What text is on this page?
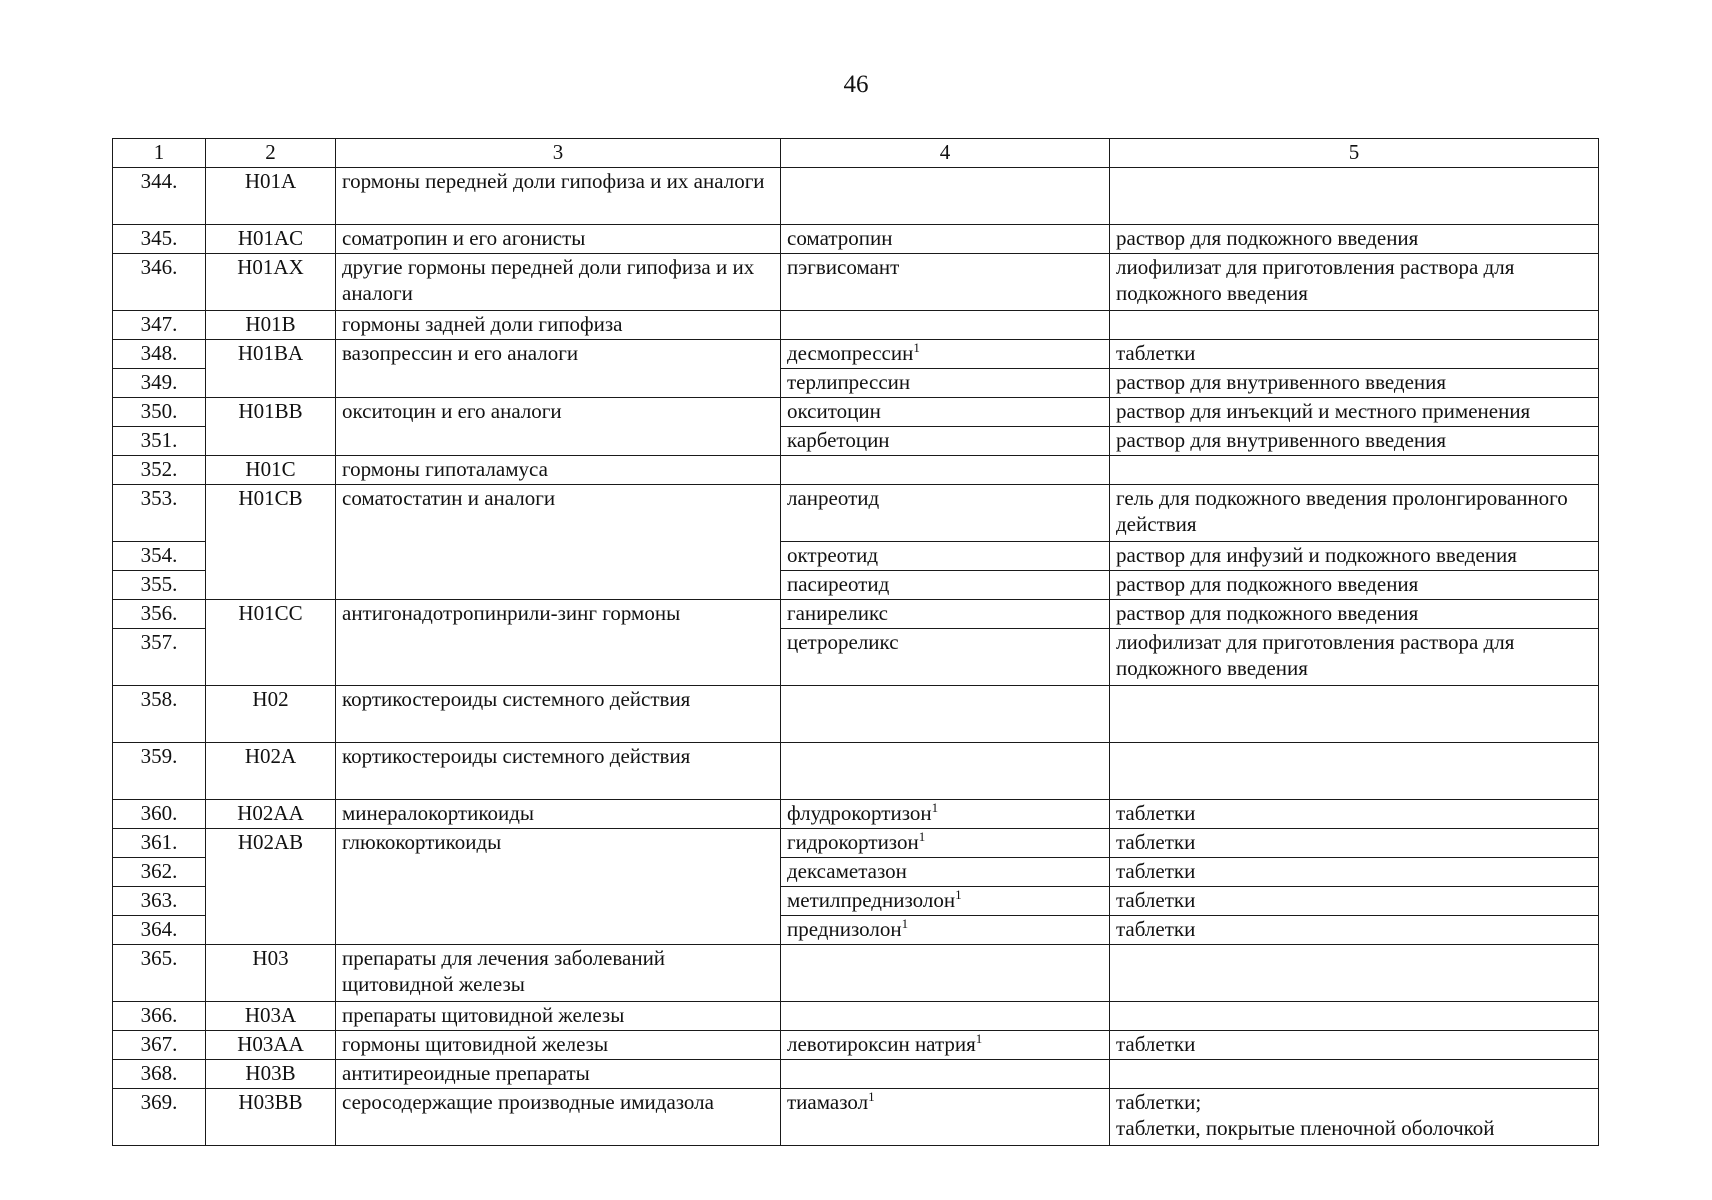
46
1	2	3	4	5
344.	H01A	гормоны передней доли гипофиза и их аналоги		
345.	H01AC	соматропин и его агонисты	соматропин	раствор для подкожного введения
346.	H01AX	другие гормоны передней доли гипофиза и их аналоги	пэгвисомант	лиофилизат для приготовления раствора для подкожного введения
347.	H01B	гормоны задней доли гипофиза		
348.	H01BA	вазопрессин и его аналоги	десмопрессин$^1$	таблетки
349.			терлипрессин	раствор для внутривенного введения
350.	H01BB	окситоцин и его аналоги	окситоцин	раствор для инъекций и местного применения
351.			карбетоцин	раствор для внутривенного введения
352.	H01C	гормоны гипоталамуса		
353.	H01CB	соматостатин и аналоги	ланреотид	гель для подкожного введения пролонгированного действия
354.			октреотид	раствор для инфузий и подкожного введения
355.			пасиреотид	раствор для подкожного введения
356.	H01CC	антигонадотропинрили-зинг гормоны	ганиреликс	раствор для подкожного введения
357.			цетрореликс	лиофилизат для приготовления раствора для подкожного введения
358.	H02	кортикостероиды системного действия		
359.	H02A	кортикостероиды системного действия		
360.	H02AA	минералокортикоиды	флудрокортизон$^1$	таблетки
361.	H02AB	глюкокортикоиды	гидрокортизон$^1$	таблетки
362.			дексаметазон	таблетки
363.			метилпреднизолон$^1$	таблетки
364.			преднизолон$^1$	таблетки
365.	H03	препараты для лечения заболеваний щитовидной железы		
366.	H03A	препараты щитовидной железы		
367.	H03AA	гормоны щитовидной железы	левотироксин натрия$^1$	таблетки
368.	H03B	антитиреоидные препараты		
369.	H03BB	серосодержащие производные имидазола	тиамазол$^1$	таблетки;
таблетки, покрытые пленочной оболочкой
